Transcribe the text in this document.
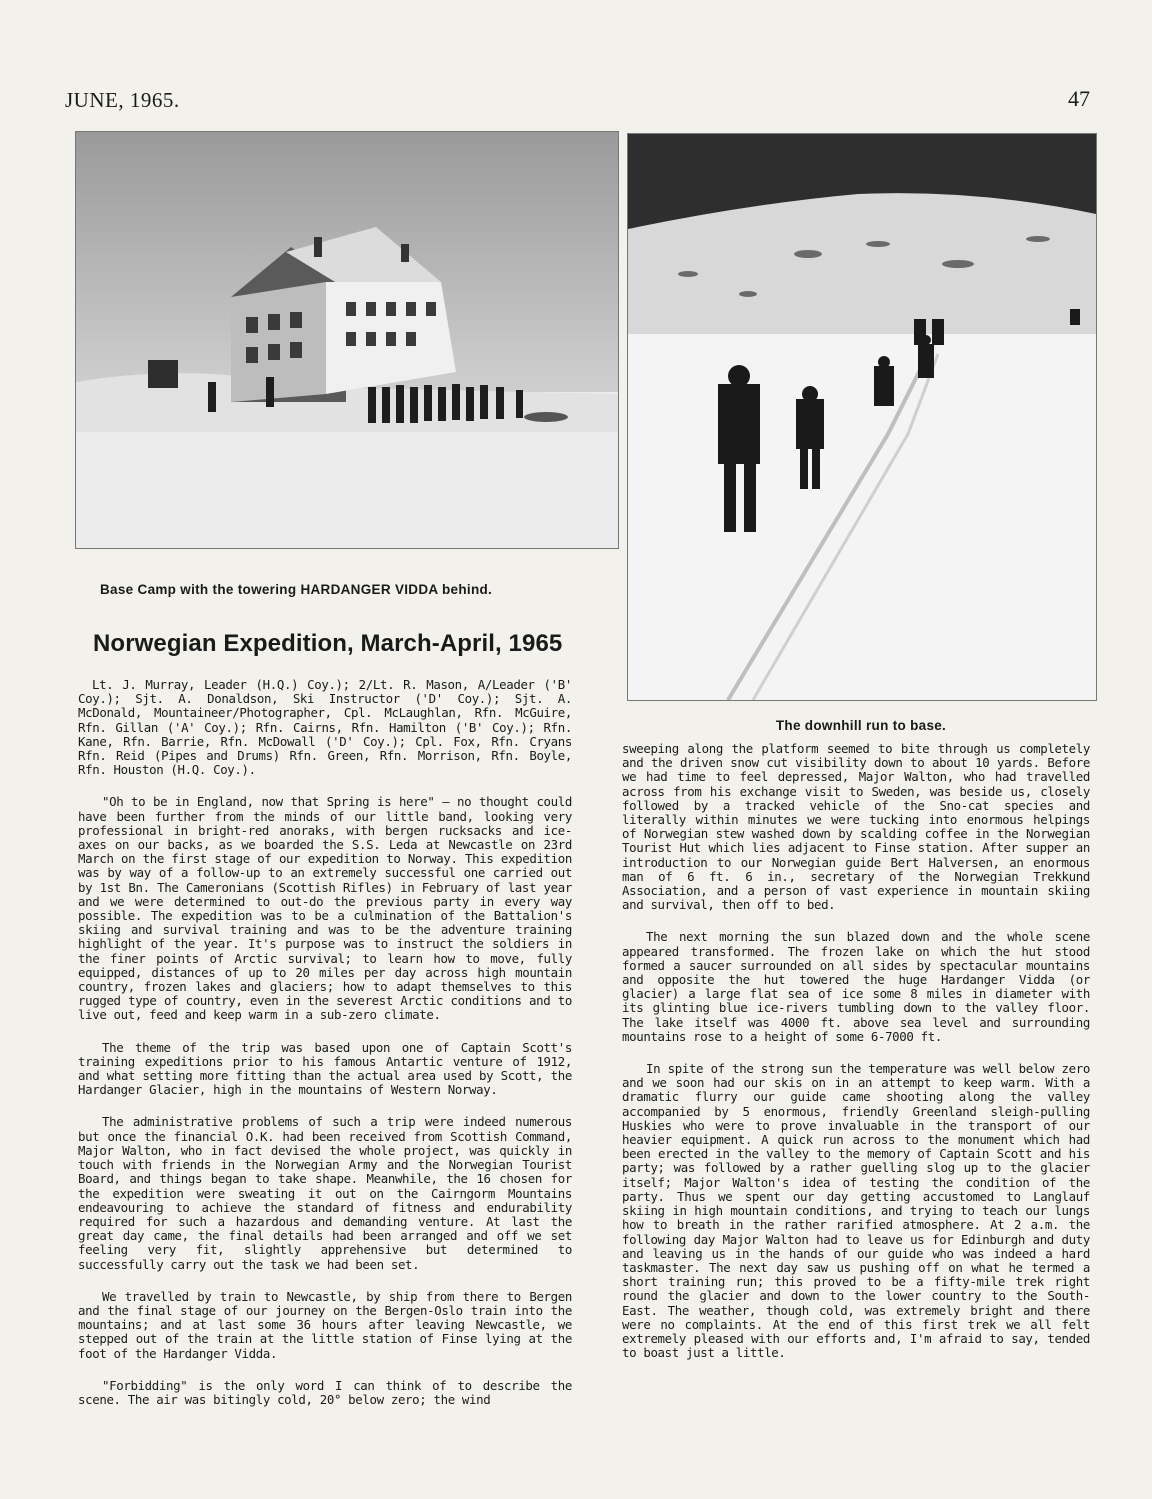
JUNE, 1965.	47
Base Camp with the towering HARDANGER VIDDA behind.
The downhill run to base.
Norwegian Expedition, March-April, 1965

Lt. J. Murray, Leader (H.Q.) Coy.); 2/Lt. R. Mason, A/Leader ('B' Coy.); Sjt. A. Donaldson, Ski Instructor ('D' Coy.); Sjt. A. McDonald, Mountaineer/Photographer, Cpl. McLaughlan, Rfn. McGuire, Rfn. Gillan ('A' Coy.); Rfn. Cairns, Rfn. Hamilton ('B' Coy.); Rfn. Kane, Rfn. Barrie, Rfn. McDowall ('D' Coy.); Cpl. Fox, Rfn. Cryans Rfn. Reid (Pipes and Drums) Rfn. Green, Rfn. Morrison, Rfn. Boyle, Rfn. Houston (H.Q. Coy.).

"Oh to be in England, now that Spring is here" — no thought could have been further from the minds of our little band, looking very professional in bright-red anoraks, with bergen rucksacks and ice-axes on our backs, as we boarded the S.S. Leda at Newcastle on 23rd March on the first stage of our expedition to Norway. This expedition was by way of a follow-up to an extremely successful one carried out by 1st Bn. The Cameronians (Scottish Rifles) in February of last year and we were determined to out-do the previous party in every way possible. The expedition was to be a culmination of the Battalion's skiing and survival training and was to be the adventure training highlight of the year. It's purpose was to instruct the soldiers in the finer points of Arctic survival; to learn how to move, fully equipped, distances of up to 20 miles per day across high mountain country, frozen lakes and glaciers; how to adapt themselves to this rugged type of country, even in the severest Arctic conditions and to live out, feed and keep warm in a sub-zero climate.

The theme of the trip was based upon one of Captain Scott's training expeditions prior to his famous Antartic venture of 1912, and what setting more fitting than the actual area used by Scott, the Hardanger Glacier, high in the mountains of Western Norway.

The administrative problems of such a trip were indeed numerous but once the financial O.K. had been received from Scottish Command, Major Walton, who in fact devised the whole project, was quickly in touch with friends in the Norwegian Army and the Norwegian Tourist Board, and things began to take shape. Meanwhile, the 16 chosen for the expedition were sweating it out on the Cairngorm Mountains endeavouring to achieve the standard of fitness and endurability required for such a hazardous and demanding venture. At last the great day came, the final details had been arranged and off we set feeling very fit, slightly apprehensive but determined to successfully carry out the task we had been set.

We travelled by train to Newcastle, by ship from there to Bergen and the final stage of our journey on the Bergen-Oslo train into the mountains; and at last some 36 hours after leaving Newcastle, we stepped out of the train at the little station of Finse lying at the foot of the Hardanger Vidda.

"Forbidding" is the only word I can think of to describe the scene. The air was bitingly cold, 20° below zero; the wind

sweeping along the platform seemed to bite through us completely and the driven snow cut visibility down to about 10 yards. Before we had time to feel depressed, Major Walton, who had travelled across from his exchange visit to Sweden, was beside us, closely followed by a tracked vehicle of the Sno-cat species and literally within minutes we were tucking into enormous helpings of Norwegian stew washed down by scalding coffee in the Norwegian Tourist Hut which lies adjacent to Finse station. After supper an introduction to our Norwegian guide Bert Halversen, an enormous man of 6 ft. 6 in., secretary of the Norwegian Trekkund Association, and a person of vast experience in mountain skiing and survival, then off to bed.

The next morning the sun blazed down and the whole scene appeared transformed. The frozen lake on which the hut stood formed a saucer surrounded on all sides by spectacular mountains and opposite the hut towered the huge Hardanger Vidda (or glacier) a large flat sea of ice some 8 miles in diameter with its glinting blue ice-rivers tumbling down to the valley floor. The lake itself was 4000 ft. above sea level and surrounding mountains rose to a height of some 6-7000 ft.

In spite of the strong sun the temperature was well below zero and we soon had our skis on in an attempt to keep warm. With a dramatic flurry our guide came shooting along the valley accompanied by 5 enormous, friendly Greenland sleigh-pulling Huskies who were to prove invaluable in the transport of our heavier equipment. A quick run across to the monument which had been erected in the valley to the memory of Captain Scott and his party; was followed by a rather guelling slog up to the glacier itself; Major Walton's idea of testing the condition of the party. Thus we spent our day getting accustomed to Langlauf skiing in high mountain conditions, and trying to teach our lungs how to breath in the rather rarified atmosphere. At 2 a.m. the following day Major Walton had to leave us for Edinburgh and duty and leaving us in the hands of our guide who was indeed a hard taskmaster. The next day saw us pushing off on what he termed a short training run; this proved to be a fifty-mile trek right round the glacier and down to the lower country to the South-East. The weather, though cold, was extremely bright and there were no complaints. At the end of this first trek we all felt extremely pleased with our efforts and, I'm afraid to say, tended to boast just a little.
